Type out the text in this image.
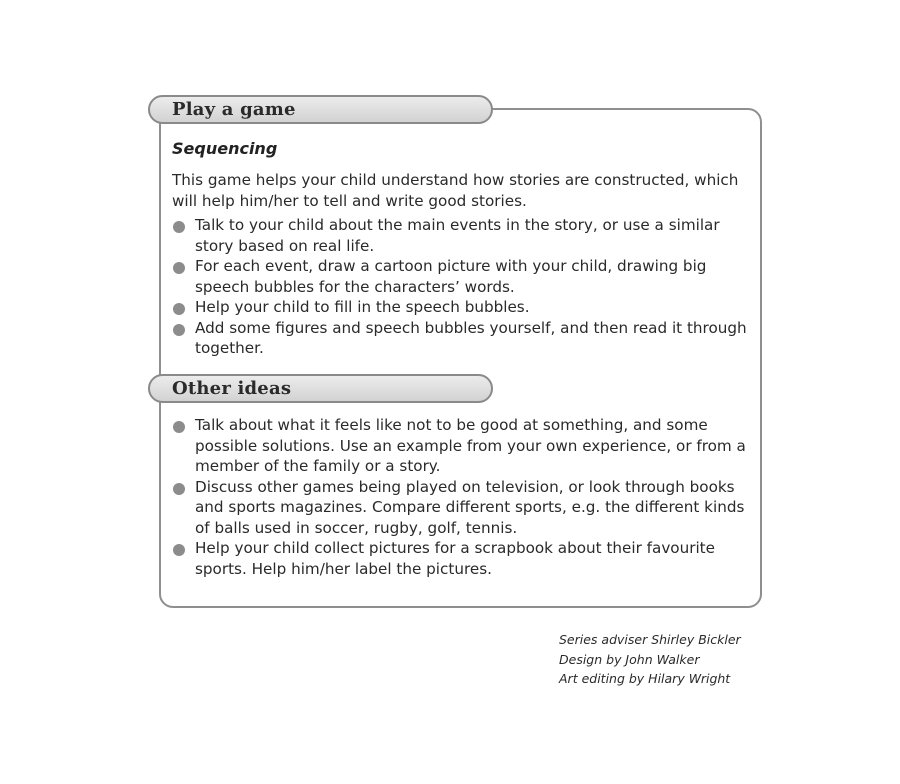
Play a game
Sequencing
This game helps your child understand how stories are constructed, which will help him/her to tell and write good stories.
Talk to your child about the main events in the story, or use a similar story based on real life.
For each event, draw a cartoon picture with your child, drawing big speech bubbles for the characters’ words.
Help your child to fill in the speech bubbles.
Add some figures and speech bubbles yourself, and then read it through together.
Other ideas
Talk about what it feels like not to be good at something, and some possible solutions. Use an example from your own experience, or from a member of the family or a story.
Discuss other games being played on television, or look through books and sports magazines. Compare different sports, e.g. the different kinds of balls used in soccer, rugby, golf, tennis.
Help your child collect pictures for a scrapbook about their favourite sports. Help him/her label the pictures.
Series adviser Shirley Bickler
Design by John Walker
Art editing by Hilary Wright
